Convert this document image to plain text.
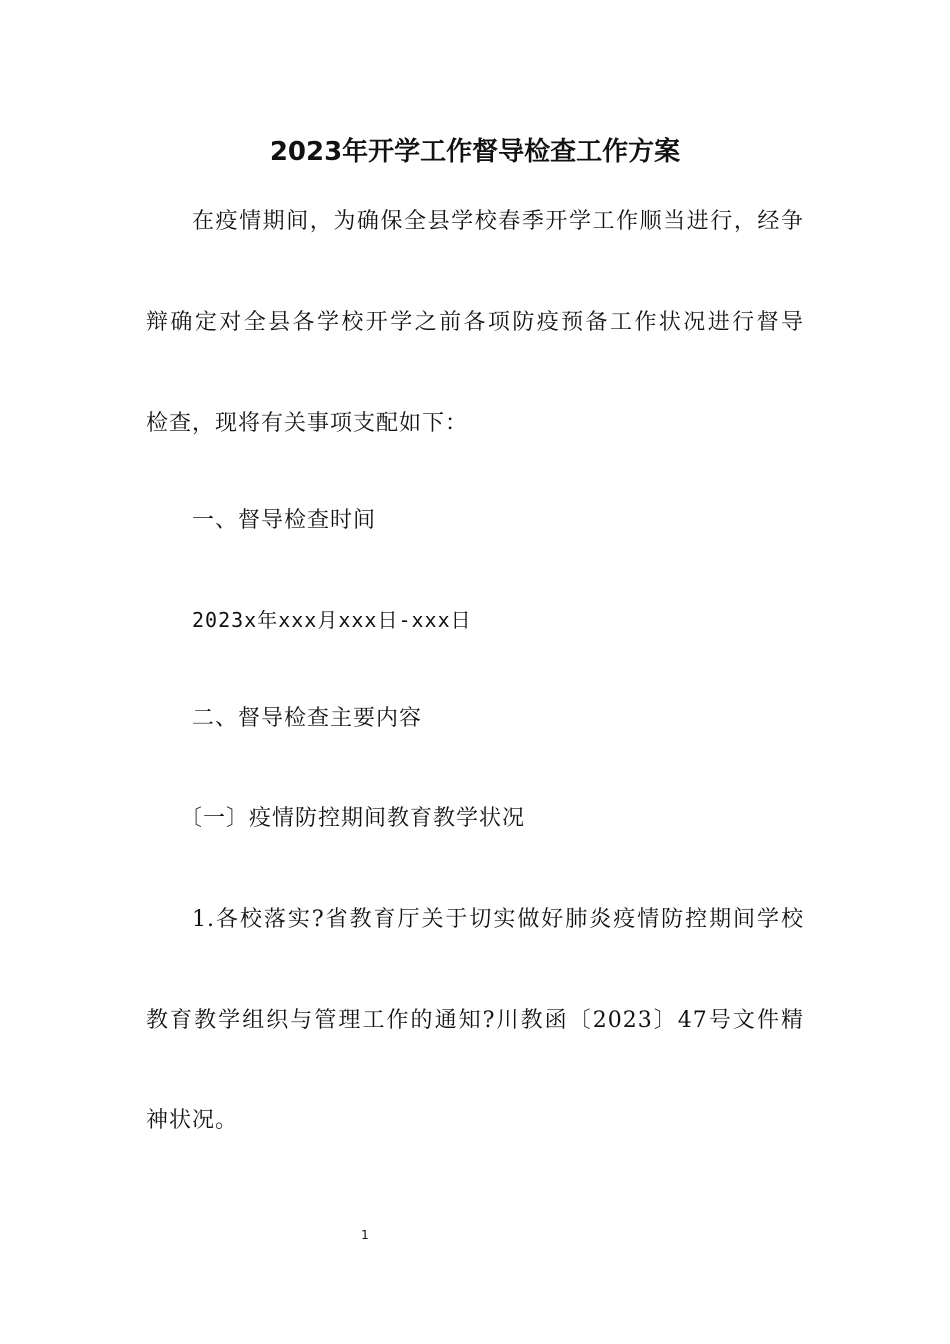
2023年开学工作督导检查工作方案

在疫情期间，为确保全县学校春季开学工作顺当进行，经争

辩确定对全县各学校开学之前各项防疫预备工作状况进行督导

检查，现将有关事项支配如下：

一、督导检查时间

2023x年xxx月xxx日-xxx日

二、督导检查主要内容

〔一〕疫情防控期间教育教学状况

1.各校落实?省教育厅关于切实做好肺炎疫情防控期间学校

教育教学组织与管理工作的通知?川教函〔2023〕47号文件精

神状况。

1
